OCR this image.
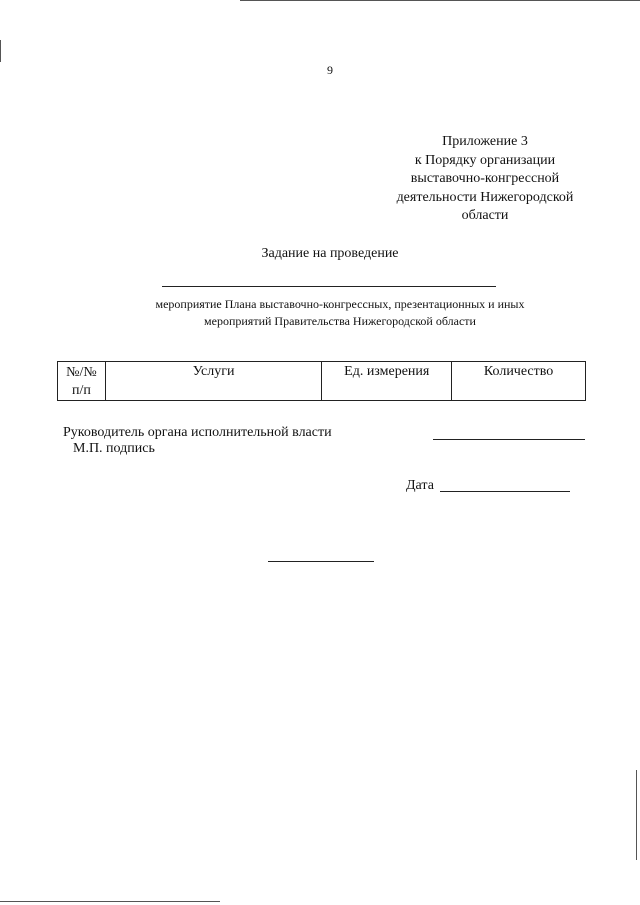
9
Приложение 3
к Порядку организации
выставочно-конгрессной
деятельности Нижегородской
области
Задание на проведение
мероприятие Плана выставочно-конгрессных, презентационных и иных
мероприятий Правительства Нижегородской области
№/№
п/п
	Услуги	Ед. измерения	Количество
Руководитель органа исполнительной власти
М.П. подпись
Дата
